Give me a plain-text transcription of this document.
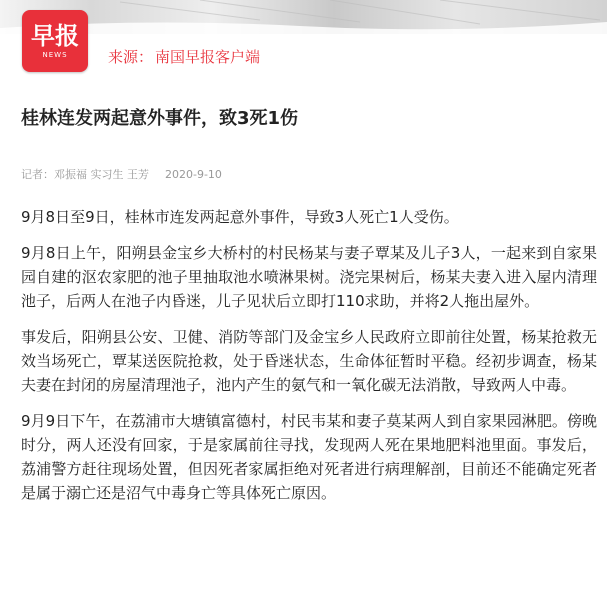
早报
NEWS	来源： 南国早报客户端
桂林连发两起意外事件，致3死1伤
记者：邓振福 实习生 王芳 2020-9-10

9月8日至9日，桂林市连发两起意外事件，导致3人死亡1人受伤。

9月8日上午，阳朔县金宝乡大桥村的村民杨某与妻子覃某及儿子3人，一起来到自家果园自建的沤农家肥的池子里抽取池水喷淋果树。浇完果树后，杨某夫妻入进入屋内清理池子，后两人在池子内昏迷，儿子见状后立即打110求助，并将2人拖出屋外。

事发后，阳朔县公安、卫健、消防等部门及金宝乡人民政府立即前往处置，杨某抢救无效当场死亡，覃某送医院抢救，处于昏迷状态，生命体征暂时平稳。经初步调查，杨某夫妻在封闭的房屋清理池子，池内产生的氨气和一氧化碳无法消散，导致两人中毒。

9月9日下午，在荔浦市大塘镇富德村，村民韦某和妻子莫某两人到自家果园淋肥。傍晚时分，两人还没有回家，于是家属前往寻找，发现两人死在果地肥料池里面。事发后，荔浦警方赶往现场处置，但因死者家属拒绝对死者进行病理解剖，目前还不能确定死者是属于溺亡还是沼气中毒身亡等具体死亡原因。
